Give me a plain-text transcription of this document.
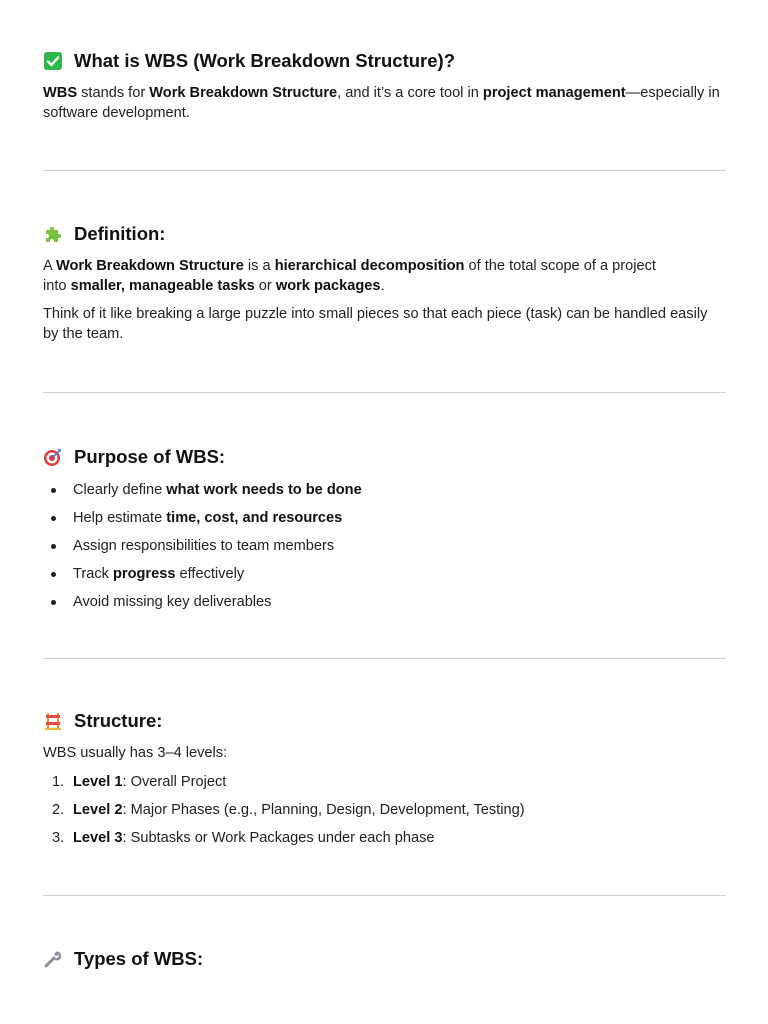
What is WBS (Work Breakdown Structure)?

WBS stands for Work Breakdown Structure, and it’s a core tool in project management—especially in software development.

Definition:

A Work Breakdown Structure is a hierarchical decomposition of the total scope of a project
into smaller, manageable tasks or work packages.

Think of it like breaking a large puzzle into small pieces so that each piece (task) can be handled easily by the team.

Purpose of WBS:
Clearly define what work needs to be done
Help estimate time, cost, and resources
Assign responsibilities to team members
Track progress effectively
Avoid missing key deliverables
Structure:

WBS usually has 3–4 levels:

1. Level 1: Overall Project
2. Level 2: Major Phases (e.g., Planning, Design, Development, Testing)
3. Level 3: Subtasks or Work Packages under each phase
Types of WBS:
